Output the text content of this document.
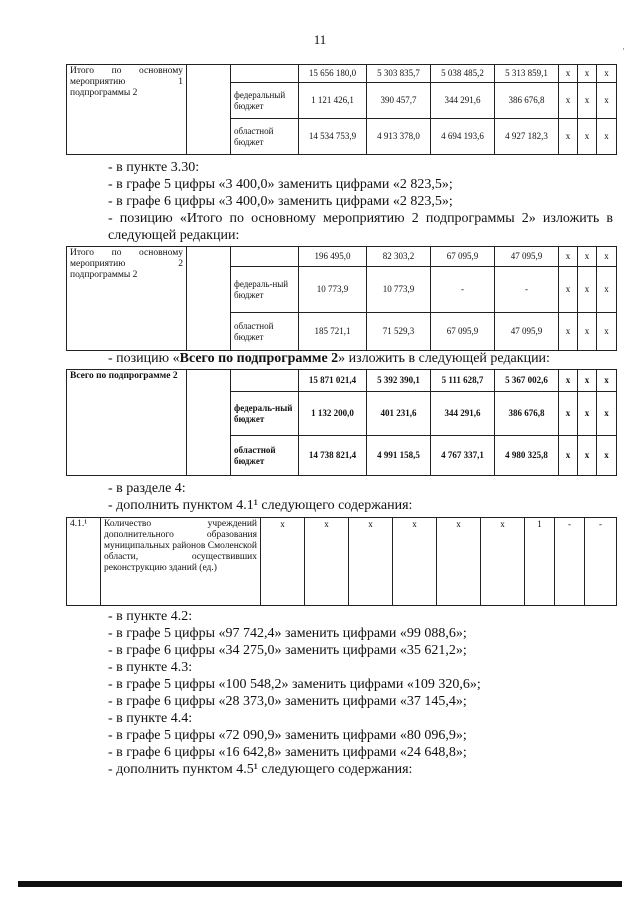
11
·
Итого по основному мероприятию 1 подпрограммы 2			15 656 180,0	5 303 835,7	5 038 485,2	5 313 859,1	х	х	х
		федеральный бюджет	1 121 426,1	390 457,7	344 291,6	386 676,8	х	х	х
		областной бюджет	14 534 753,9	4 913 378,0	4 694 193,6	4 927 182,3	х	х	х
- в пункте 3.30:
- в графе 5 цифры «3 400,0» заменить цифрами «2 823,5»;
- в графе 6 цифры «3 400,0» заменить цифрами «2 823,5»;
- позицию «Итого по основному мероприятию 2 подпрограммы 2» изложить в следующей редакции:
Итого по основному мероприятию 2 подпрограммы 2			196 495,0	82 303,2	67 095,9	47 095,9	х	х	х
		федераль-ный бюджет	10 773,9	10 773,9	-	-	х	х	х
		областной бюджет	185 721,1	71 529,3	67 095,9	47 095,9	х	х	х
- позицию «Всего по подпрограмме 2» изложить в следующей редакции:
Всего по подпрограмме 2			15 871 021,4	5 392 390,1	5 111 628,7	5 367 002,6	х	х	х
		федераль-ный бюджет	1 132 200,0	401 231,6	344 291,6	386 676,8	х	х	х
		областной бюджет	14 738 821,4	4 991 158,5	4 767 337,1	4 980 325,8	х	х	х
- в разделе 4:
- дополнить пунктом 4.1¹ следующего содержания:
4.1.¹	Количество учреждений дополнительного образования муниципальных районов Смоленской области, осуществивших реконструкцию зданий (ед.)	х	х	х	х	х	х	1	-	-
- в пункте 4.2:
- в графе 5 цифры «97 742,4» заменить цифрами «99 088,6»;
- в графе 6 цифры «34 275,0» заменить цифрами «35 621,2»;
- в пункте 4.3:
- в графе 5 цифры «100 548,2» заменить цифрами «109 320,6»;
- в графе 6 цифры «28 373,0» заменить цифрами «37 145,4»;
- в пункте 4.4:
- в графе 5 цифры «72 090,9» заменить цифрами «80 096,9»;
- в графе 6 цифры «16 642,8» заменить цифрами «24 648,8»;
- дополнить пунктом 4.5¹ следующего содержания:
